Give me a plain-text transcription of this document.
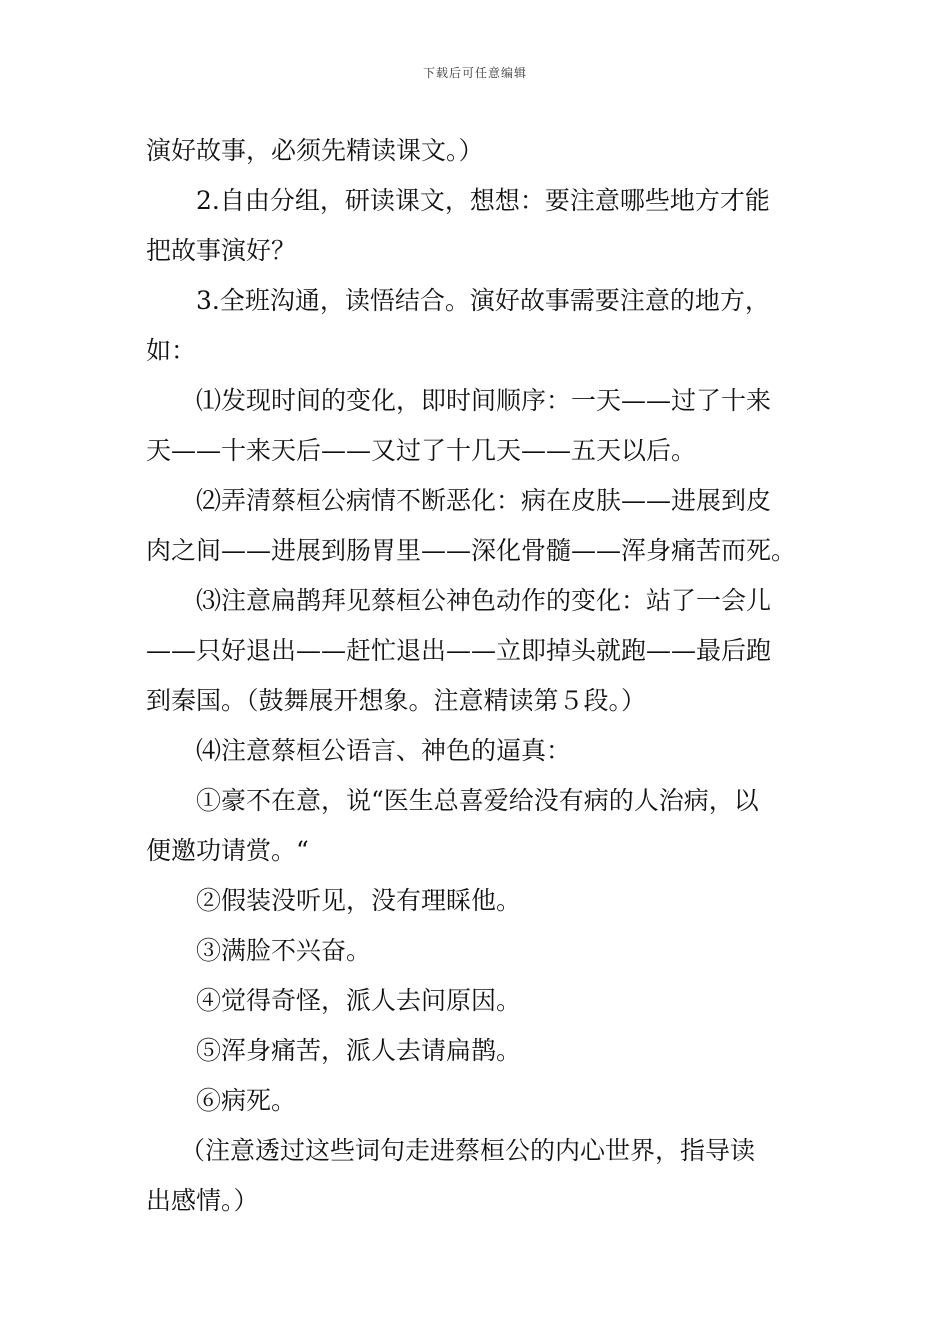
下载后可任意编辑
演好故事，必须先精读课文。）
2.自由分组，研读课文，想想：要注意哪些地方才能
把故事演好？
3.全班沟通，读悟结合。演好故事需要注意的地方，
如：
⑴发现时间的变化，即时间顺序：一天——过了十来
天——十来天后——又过了十几天——五天以后。
⑵弄清蔡桓公病情不断恶化：病在皮肤——进展到皮
肉之间——进展到肠胃里——深化骨髓——浑身痛苦而死。
⑶注意扁鹊拜见蔡桓公神色动作的变化：站了一会儿
——只好退出——赶忙退出——立即掉头就跑——最后跑
到秦国。（鼓舞展开想象。注意精读第５段。）
⑷注意蔡桓公语言、神色的逼真：
①豪不在意，说“医生总喜爱给没有病的人治病，以
便邀功请赏。“
②假装没听见，没有理睬他。
③满脸不兴奋。
④觉得奇怪，派人去问原因。
⑤浑身痛苦，派人去请扁鹊。
⑥病死。
（注意透过这些词句走进蔡桓公的内心世界，指导读
出感情。）
